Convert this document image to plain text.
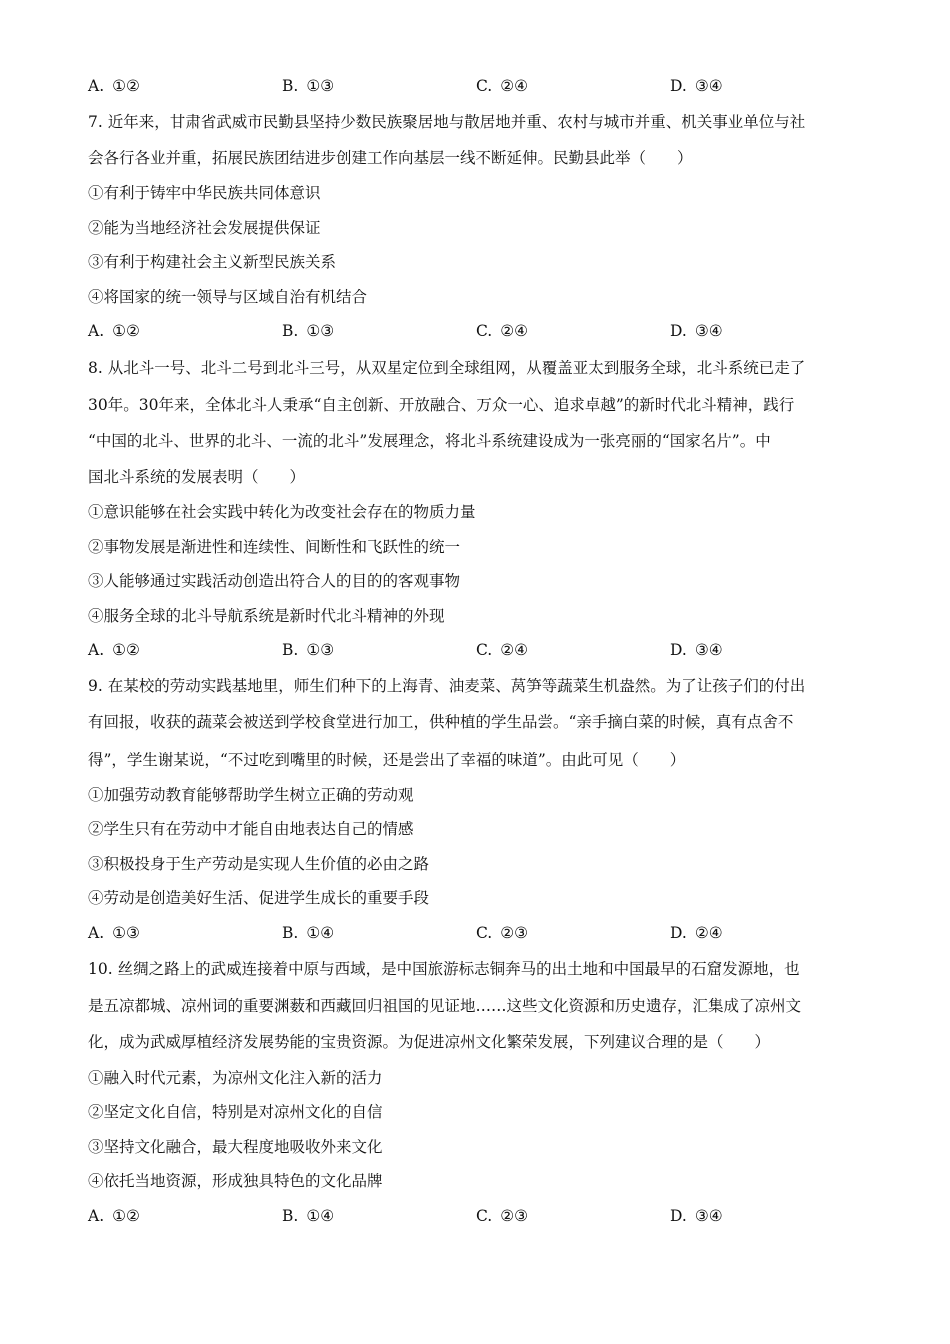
A. ①②	B. ①③	C. ②④	D. ③④
7. 近年来，甘肃省武威市民勤县坚持少数民族聚居地与散居地并重、农村与城市并重、机关事业单位与社
会各行各业并重，拓展民族团结进步创建工作向基层一线不断延伸。民勤县此举（　　）
①有利于铸牢中华民族共同体意识
②能为当地经济社会发展提供保证
③有利于构建社会主义新型民族关系
④将国家的统一领导与区域自治有机结合
A. ①②	B. ①③	C. ②④	D. ③④
8. 从北斗一号、北斗二号到北斗三号，从双星定位到全球组网，从覆盖亚太到服务全球，北斗系统已走了
30年。30年来，全体北斗人秉承“自主创新、开放融合、万众一心、追求卓越”的新时代北斗精神，践行
“中国的北斗、世界的北斗、一流的北斗”发展理念，将北斗系统建设成为一张亮丽的“国家名片”。中
国北斗系统的发展表明（　　）
①意识能够在社会实践中转化为改变社会存在的物质力量
②事物发展是渐进性和连续性、间断性和飞跃性的统一
③人能够通过实践活动创造出符合人的目的的客观事物
④服务全球的北斗导航系统是新时代北斗精神的外现
A. ①②	B. ①③	C. ②④	D. ③④
9. 在某校的劳动实践基地里，师生们种下的上海青、油麦菜、莴笋等蔬菜生机盎然。为了让孩子们的付出
有回报，收获的蔬菜会被送到学校食堂进行加工，供种植的学生品尝。“亲手摘白菜的时候，真有点舍不
得”，学生谢某说，“不过吃到嘴里的时候，还是尝出了幸福的味道”。由此可见（　　）
①加强劳动教育能够帮助学生树立正确的劳动观
②学生只有在劳动中才能自由地表达自己的情感
③积极投身于生产劳动是实现人生价值的必由之路
④劳动是创造美好生活、促进学生成长的重要手段
A. ①③	B. ①④	C. ②③	D. ②④
10. 丝绸之路上的武威连接着中原与西域，是中国旅游标志铜奔马的出土地和中国最早的石窟发源地，也
是五凉都城、凉州词的重要渊薮和西藏回归祖国的见证地……这些文化资源和历史遗存，汇集成了凉州文
化，成为武威厚植经济发展势能的宝贵资源。为促进凉州文化繁荣发展，下列建议合理的是（　　）
①融入时代元素，为凉州文化注入新的活力
②坚定文化自信，特别是对凉州文化的自信
③坚持文化融合，最大程度地吸收外来文化
④依托当地资源，形成独具特色的文化品牌
A. ①②	B. ①④	C. ②③	D. ③④
